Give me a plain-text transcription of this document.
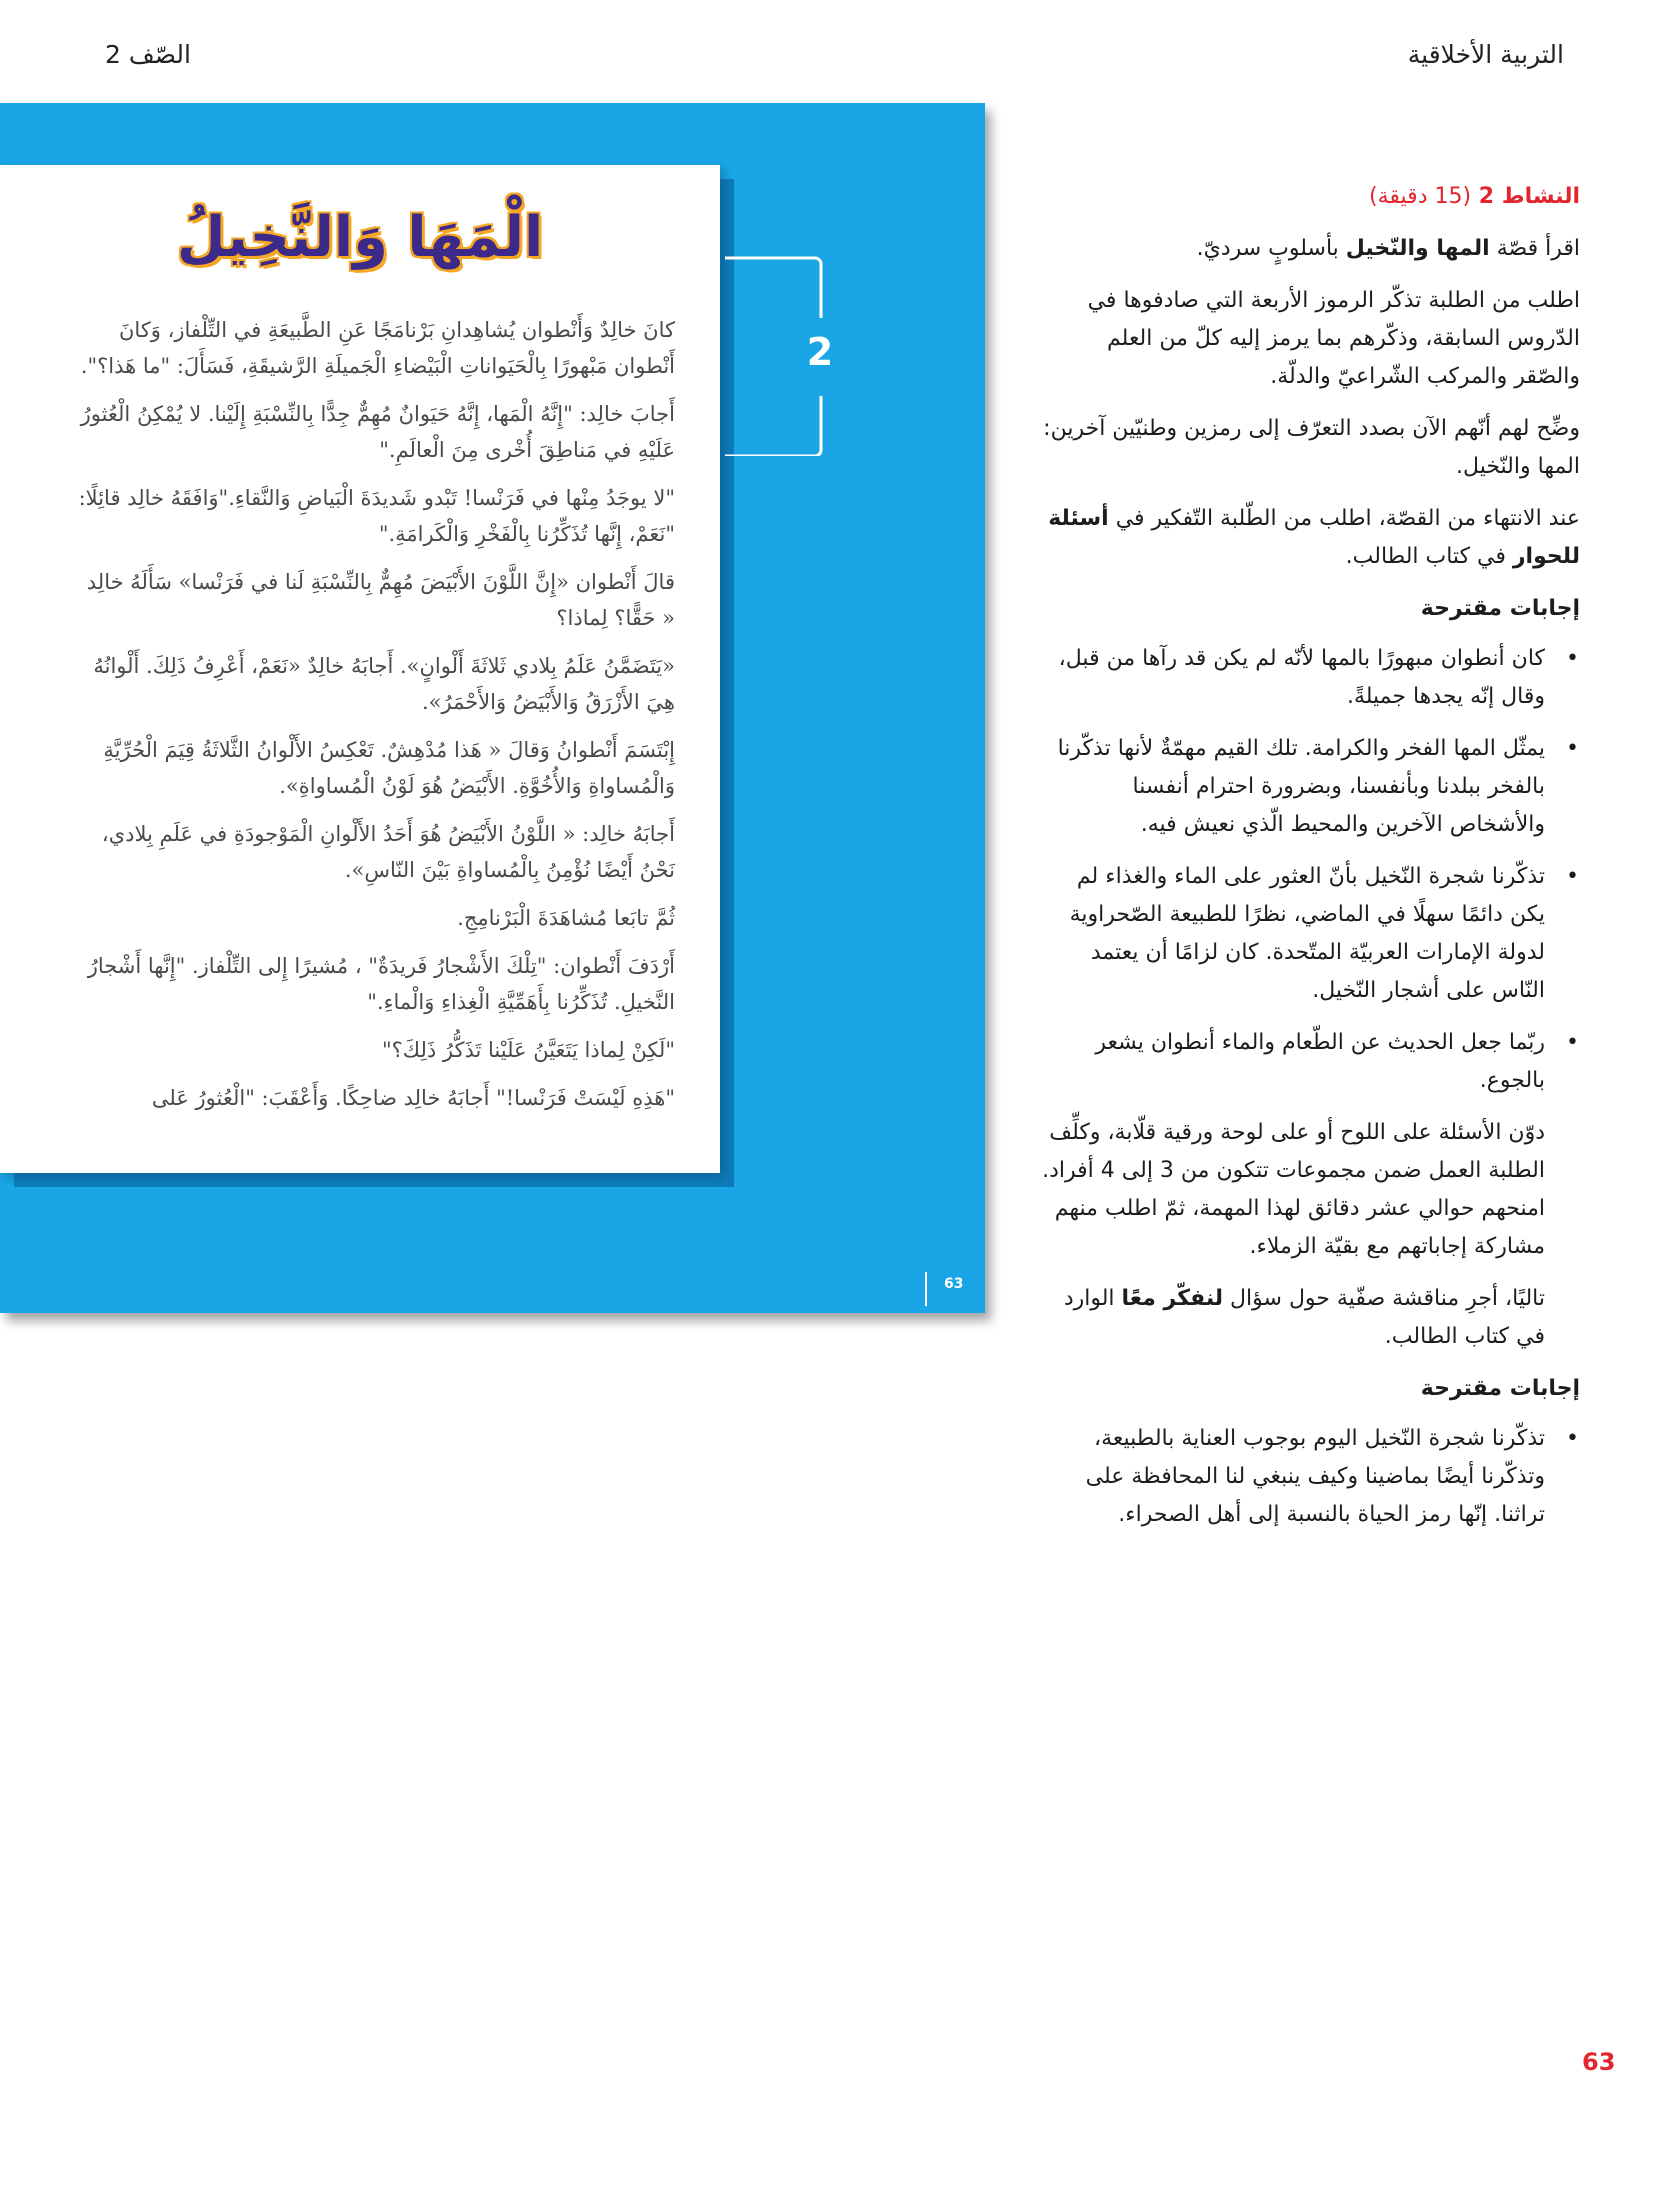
التربية الأخلاقية
الصّف 2
الْمَهَا وَالنَّخِيلُ

كانَ خالِدٌ وَأَنْطوان يُشاهِدانِ بَرْنامَجًا عَنِ الطَّبيعَةِ في التِّلْفاز، وَكانَ أَنْطوان مَبْهورًا بِالْحَيَواناتِ الْبَيْضاءِ الْجَميلَةِ الرَّشيقَةِ، فَسَأَلَ: "ما هَذا؟".

أَجابَ خالِد: "إِنَّهُ الْمَها، إِنَّهُ حَيَوانٌ مُهِمٌّ جِدًّا بِالنِّسْبَةِ إِلَيْنا. لا يُمْكِنُ الْعُثورُ عَلَيْهِ في مَناطِقَ أُخْرى مِنَ الْعالَمِ."

"لا يوجَدُ مِنْها في فَرَنْسا! تَبْدو شَديدَةَ الْبَياضِ وَالنَّقاءِ."وَافَقَهُ خالِد قائِلًا: "نَعَمْ، إِنَّها تُذَكِّرُنا بِالْفَخْرِ وَالْكَرامَةِ."

قالَ أَنْطوان «إِنَّ اللَّوْنَ الأَبْيَضَ مُهِمٌّ بِالنِّسْبَةِ لَنا في فَرَنْسا» سَأَلَهُ خالِد « حَقًّا؟ لِماذا؟

«يَتَضَمَّنُ عَلَمُ بِلادي ثَلاثَةَ أَلْوانٍ». أَجابَهُ خالِدٌ «نَعَمْ، أَعْرِفُ ذَلِكَ. أَلْوانُهُ هِيَ الأَزْرَقُ وَالأَبْيَضُ وَالأَحْمَرُ».

إِبْتَسَمَ أَنْطوانُ وَقالَ « هَذا مُدْهِشٌ. تَعْكِسُ الأَلْوانُ الثَّلاثَةُ قِيَمَ الْحُرِّيَّةِ وَالْمُساواةِ وَالأُخُوَّةِ. الأَبْيَضُ هُوَ لَوْنُ الْمُساواةِ».

أَجابَهُ خالِد: « اللَّوْنُ الأَبْيَضُ هُوَ أَحَدُ الأَلْوانِ الْمَوْجودَةِ في عَلَمِ بِلادي، نَحْنُ أَيْضًا نُؤْمِنُ بِالْمُساواةِ بَيْنَ النّاسِ».

ثُمَّ تابَعا مُشاهَدَةَ الْبَرْنامِجِ.

أَرْدَفَ أَنْطوان: "تِلْكَ الأَشْجارُ فَريدَةٌ" ، مُشيرًا إِلى التِّلْفاز. "إِنَّها أَشْجارُ النَّخيلِ. تُذَكِّرُنا بِأَهَمِّيَّةِ الْغِذاءِ وَالْماءِ."

"لَكِنْ لِماذا يَتَعَيَّنُ عَلَيْنا تَذَكُّرُ ذَلِكَ؟"

"هَذِهِ لَيْسَتْ فَرَنْسا!" أَجابَهُ خالِد ضاحِكًا. وَأَعْقَبَ: "الْعُثورُ عَلى

2
63

النشاط 2 (15 دقيقة)

اقرأ قصّة المها والنّخيل بأسلوبٍ سرديّ.

اطلب من الطلبة تذكّر الرموز الأربعة التي صادفوها في الدّروس السابقة، وذكّرهم بما يرمز إليه كلّ من العلم والصّقر والمركب الشّراعيّ والدلّة.

وضِّح لهم أنّهم الآن بصدد التعرّف إلى رمزين وطنيّين آخرين: المها والنّخيل.

عند الانتهاء من القصّة، اطلب من الطّلبة التّفكير في أسئلة للحوار في كتاب الطالب.

إجابات مقترحة

•
كان أنطوان مبهورًا بالمها لأنّه لم يكن قد رآها من قبل، وقال إنّه يجدها جميلةً.
•
يمثّل المها الفخر والكرامة. تلك القيم مهمّةٌ لأنها تذكّرنا بالفخر ببلدنا وبأنفسنا، وبضرورة احترام أنفسنا والأشخاص الآخرين والمحيط الّذي نعيش فيه.
•
تذكّرنا شجرة النّخيل بأنّ العثور على الماء والغذاء لم يكن دائمًا سهلًا في الماضي، نظرًا للطبيعة الصّحراوية لدولة الإمارات العربيّة المتّحدة. كان لزامًا أن يعتمد النّاس على أشجار النّخيل.
•
ربّما جعل الحديث عن الطّعام والماء أنطوان يشعر بالجوع.

دوّن الأسئلة على اللوح أو على لوحة ورقية قلّابة، وكلِّف الطلبة العمل ضمن مجموعات تتكون من 3 إلى 4 أفراد. امنحهم حوالي عشر دقائق لهذا المهمة، ثمّ اطلب منهم مشاركة إجاباتهم مع بقيّة الزملاء.

تاليًا، أجرِ مناقشة صفّية حول سؤال لنفكّر معًا الوارد في كتاب الطالب.

إجابات مقترحة

•
تذكّرنا شجرة النّخيل اليوم بوجوب العناية بالطبيعة، وتذكّرنا أيضًا بماضينا وكيف ينبغي لنا المحافظة على تراثنا. إنّها رمز الحياة بالنسبة إلى أهل الصحراء.
63
